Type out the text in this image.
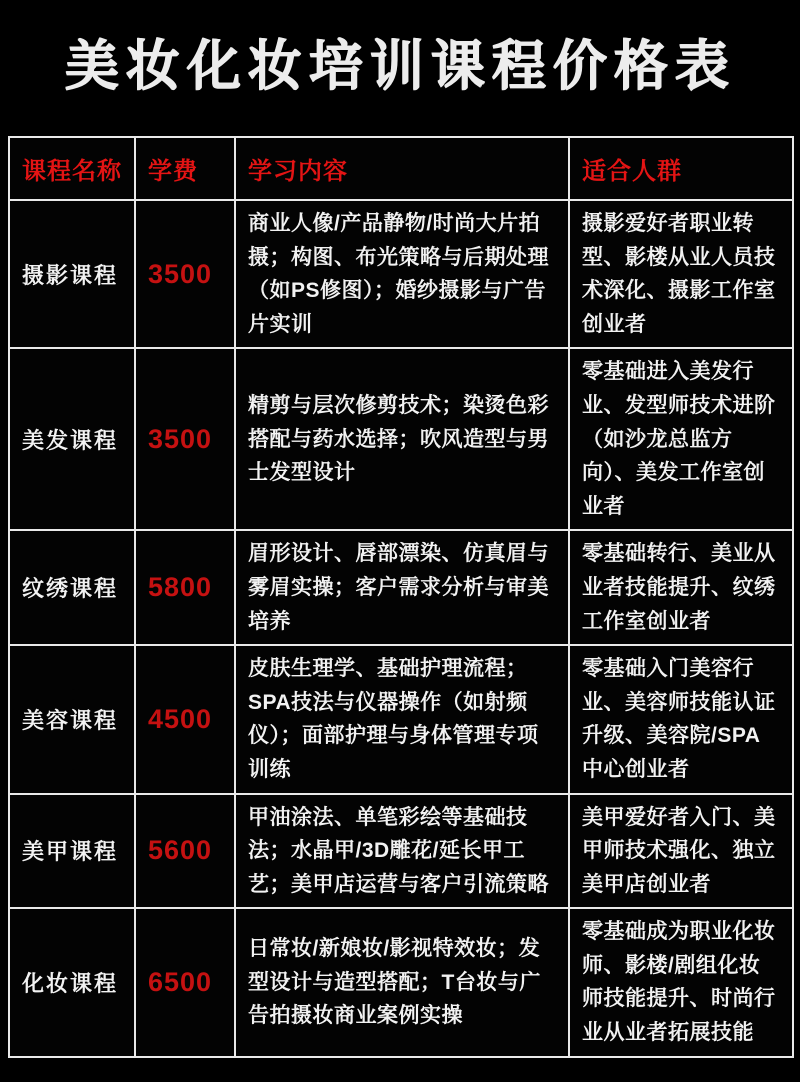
美妆化妆培训课程价格表
课程名称	学费	学习内容	适合人群
摄影课程	3500	商业人像/产品静物/时尚大片拍摄；构图、布光策略与后期处理（如PS修图）；婚纱摄影与广告片实训	摄影爱好者职业转型、影楼从业人员技术深化、摄影工作室创业者
美发课程	3500	精剪与层次修剪技术；染烫色彩搭配与药水选择；吹风造型与男士发型设计	零基础进入美发行业、发型师技术进阶（如沙龙总监方向）、美发工作室创业者
纹绣课程	5800	眉形设计、唇部漂染、仿真眉与雾眉实操；客户需求分析与审美培养	零基础转行、美业从业者技能提升、纹绣工作室创业者
美容课程	4500	皮肤生理学、基础护理流程；SPA技法与仪器操作（如射频仪）；面部护理与身体管理专项训练	零基础入门美容行业、美容师技能认证升级、美容院/SPA中心创业者
美甲课程	5600	甲油涂法、单笔彩绘等基础技法；水晶甲/3D雕花/延长甲工艺；美甲店运营与客户引流策略	美甲爱好者入门、美甲师技术强化、独立美甲店创业者
化妆课程	6500	日常妆/新娘妆/影视特效妆；发型设计与造型搭配；T台妆与广告拍摄妆商业案例实操	零基础成为职业化妆师、影楼/剧组化妆师技能提升、时尚行业从业者拓展技能
